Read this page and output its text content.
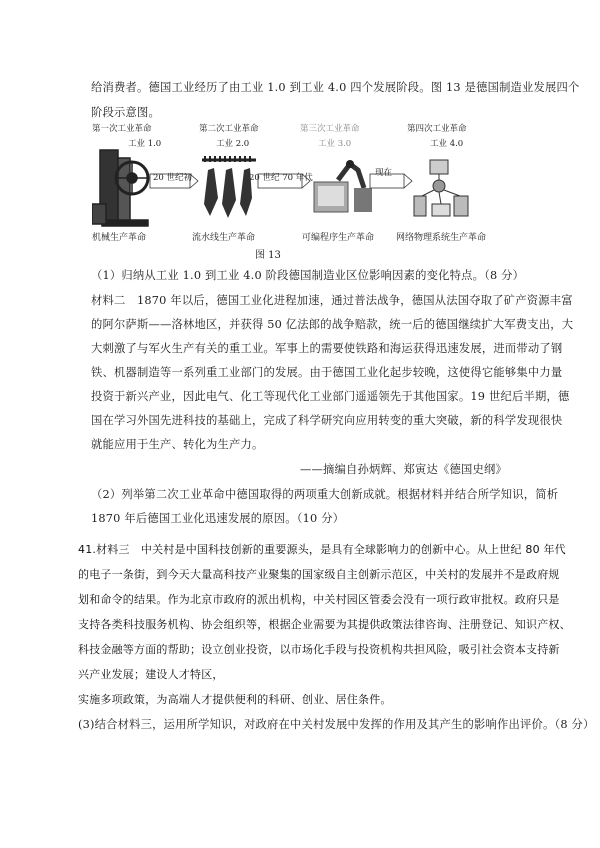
给消费者。德国工业经历了由工业 1.0 到工业 4.0 四个发展阶段。图 13 是德国制造业发展四个
阶段示意图。
第一次工业革命
工业 1.0
第二次工业革命
工业 2.0
第三次工业革命
工业 3.0
第四次工业革命
工业 4.0
20 世纪初	20 世纪 70 年代	现在
机械生产革命	流水线生产革命	可编程序生产革命 网络物理系统生产革命
图 13
（1）归纳从工业 1.0 到工业 4.0 阶段德国制造业区位影响因素的变化特点。（8 分）
材料二　1870 年以后，德国工业化进程加速，通过普法战争，德国从法国夺取了矿产资源丰富
的阿尔萨斯——洛林地区，并获得 50 亿法郎的战争赔款，统一后的德国继续扩大军费支出，大
大刺激了与军火生产有关的重工业。军事上的需要使铁路和海运获得迅速发展，进而带动了钢
铁、机器制造等一系列重工业部门的发展。由于德国工业化起步较晚，这使得它能够集中力量
投资于新兴产业，因此电气、化工等现代化工业部门遥遥领先于其他国家。19 世纪后半期，德
国在学习外国先进科技的基础上，完成了科学研究向应用转变的重大突破，新的科学发现很快
就能应用于生产、转化为生产力。
——摘编自孙炳辉、郑寅达《德国史纲》
（2）列举第二次工业革命中德国取得的两项重大创新成就。根据材料并结合所学知识，简析
1870 年后德国工业化迅速发展的原因。（10 分）
41.材料三　中关村是中国科技创新的重要源头，是具有全球影响力的创新中心。从上世纪 80 年代
的电子一条街，到今天大量高科技产业聚集的国家级自主创新示范区，中关村的发展并不是政府规
划和命令的结果。作为北京市政府的派出机构，中关村园区管委会没有一项行政审批权。政府只是
支持各类科技服务机构、协会组织等，根据企业需要为其提供政策法律咨询、注册登记、知识产权、
科技金融等方面的帮助；设立创业投资，以市场化手段与投资机构共担风险，吸引社会资本支持新
兴产业发展；建设人才特区，
实施多项政策，为高端人才提供便利的科研、创业、居住条件。
(3)结合材料三，运用所学知识，对政府在中关村发展中发挥的作用及其产生的影响作出评价。（8 分）
